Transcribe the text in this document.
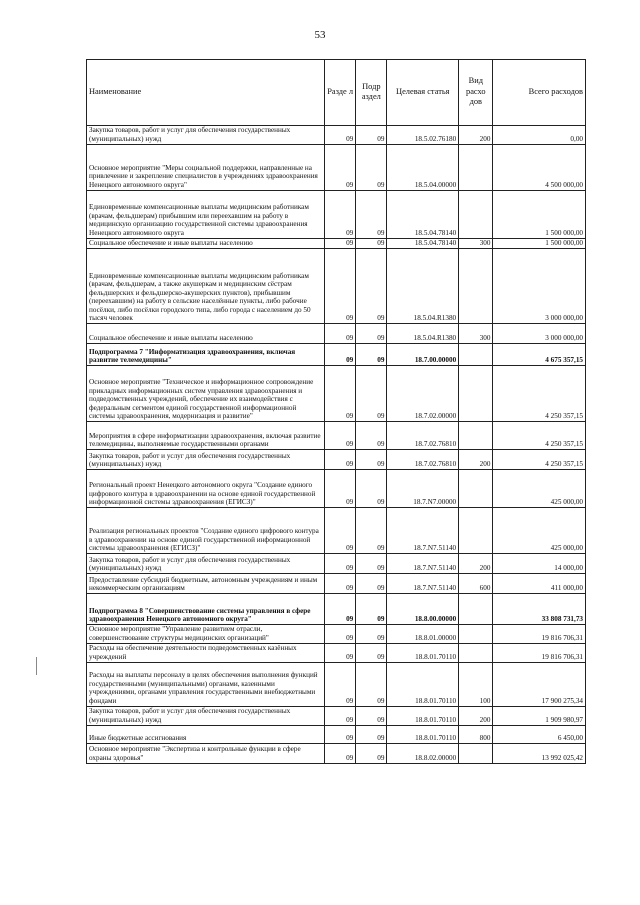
53
Наименование	Разде л	Подр аздел	Целевая статья	Вид расхо дов	Всего расходов
Закупка товаров, работ и услуг для обеспечения государственных (муниципальных) нужд	09	09	18.5.02.76180	200	0,00
Основное мероприятие "Меры социальной поддержки, направленные на привлечение и закрепление специалистов в учреждениях здравоохранения Ненецкого автономного округа"	09	09	18.5.04.00000		4 500 000,00
Единовременные компенсационные выплаты медицинским работникам (врачам, фельдшерам) прибывшим или переехавшим на работу в медицинскую организацию государственной системы здравоохранения Ненецкого автономного округа	09	09	18.5.04.78140		1 500 000,00
Социальное обеспечение и иные выплаты населению	09	09	18.5.04.78140	300	1 500 000,00
Единовременные компенсационные выплаты медицинским работникам (врачам, фельдшерам, а также акушеркам и медицинским сёстрам фельдшерских и фельдшерско-акушерских пунктов), прибывшим (переехавшим) на работу в сельские населённые пункты, либо рабочие посёлки, либо посёлки городского типа, либо города с населением до 50 тысяч человек	09	09	18.5.04.R1380		3 000 000,00
Социальное обеспечение и иные выплаты населению	09	09	18.5.04.R1380	300	3 000 000,00
Подпрограмма 7 "Информатизация здравоохранения, включая развитие телемедицины"	09	09	18.7.00.00000		4 675 357,15
Основное мероприятие "Техническое и информационное сопровождение прикладных информационных систем управления здравоохранения и подведомственных учреждений, обеспечение их взаимодействия с федеральным сегментом единой государственной информационной системы здравоохранения, модернизация и развитие"	09	09	18.7.02.00000		4 250 357,15
Мероприятия в сфере информатизации здравоохранения, включая развитие телемедицины, выполняемые государственными органами	09	09	18.7.02.76810		4 250 357,15
Закупка товаров, работ и услуг для обеспечения государственных (муниципальных) нужд	09	09	18.7.02.76810	200	4 250 357,15
Региональный проект Ненецкого автономного округа "Создание единого цифрового контура в здравоохранении на основе единой государственной информационной системы здравоохранения (ЕГИСЗ)"	09	09	18.7.N7.00000		425 000,00
Реализация региональных проектов "Создание единого цифрового контура в здравоохранении на основе единой государственной информационной системы здравоохранения (ЕГИСЗ)"	09	09	18.7.N7.51140		425 000,00
Закупка товаров, работ и услуг для обеспечения государственных (муниципальных) нужд	09	09	18.7.N7.51140	200	14 000,00
Предоставление субсидий бюджетным, автономным учреждениям и иным некоммерческим организациям	09	09	18.7.N7.51140	600	411 000,00
Подпрограмма 8 "Совершенствование системы управления в сфере здравоохранения Ненецкого автономного округа"	09	09	18.8.00.00000		33 808 731,73
Основное мероприятие "Управление развитием отрасли, совершенствование структуры медицинских организаций"	09	09	18.8.01.00000		19 816 706,31
Расходы на обеспечение деятельности подведомственных казённых учреждений	09	09	18.8.01.70110		19 816 706,31
Расходы на выплаты персоналу в целях обеспечения выполнения функций государственными (муниципальными) органами, казенными учреждениями, органами управления государственными внебюджетными фондами	09	09	18.8.01.70110	100	17 900 275,34
Закупка товаров, работ и услуг для обеспечения государственных (муниципальных) нужд	09	09	18.8.01.70110	200	1 909 980,97
Иные бюджетные ассигнования	09	09	18.8.01.70110	800	6 450,00
Основное мероприятие "Экспертиза и контрольные функции в сфере охраны здоровья"	09	09	18.8.02.00000		13 992 025,42
